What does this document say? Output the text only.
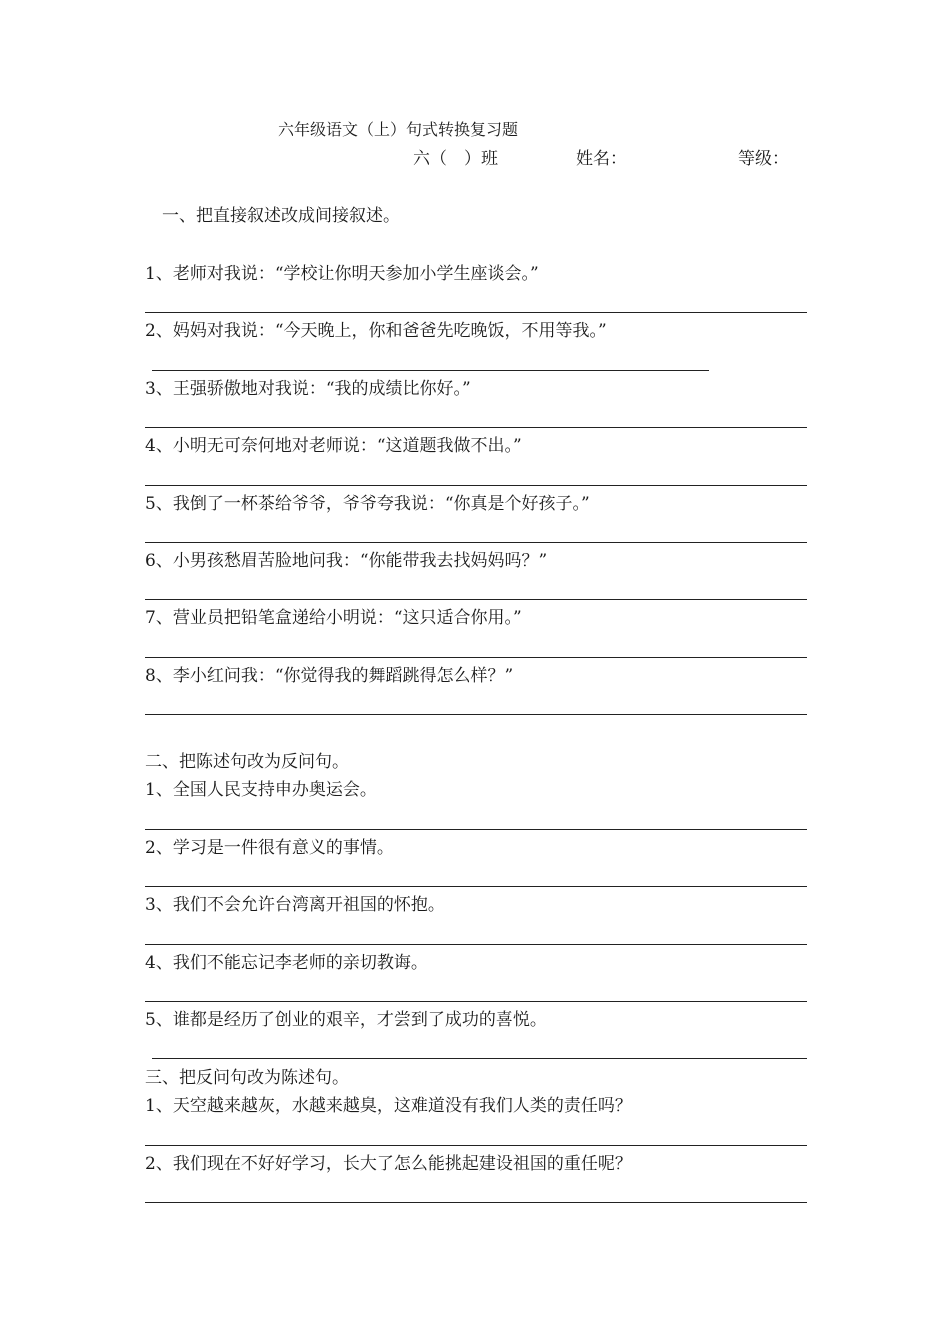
六年级语文（上）句式转换复习题
六（　）班	姓名：	等级：
一、把直接叙述改成间接叙述。
1、老师对我说：“学校让你明天参加小学生座谈会。”
2、妈妈对我说：“今天晚上，你和爸爸先吃晚饭，不用等我。”
3、王强骄傲地对我说：“我的成绩比你好。”
4、小明无可奈何地对老师说：“这道题我做不出。”
5、我倒了一杯茶给爷爷，爷爷夸我说：“你真是个好孩子。”
6、小男孩愁眉苦脸地问我：“你能带我去找妈妈吗？”
7、营业员把铅笔盒递给小明说：“这只适合你用。”
8、李小红问我：“你觉得我的舞蹈跳得怎么样？”
二、把陈述句改为反问句。
1、全国人民支持申办奥运会。
2、学习是一件很有意义的事情。
3、我们不会允许台湾离开祖国的怀抱。
4、我们不能忘记李老师的亲切教诲。
5、谁都是经历了创业的艰辛，才尝到了成功的喜悦。
三、把反问句改为陈述句。
1、天空越来越灰，水越来越臭，这难道没有我们人类的责任吗？
2、我们现在不好好学习，长大了怎么能挑起建设祖国的重任呢？
